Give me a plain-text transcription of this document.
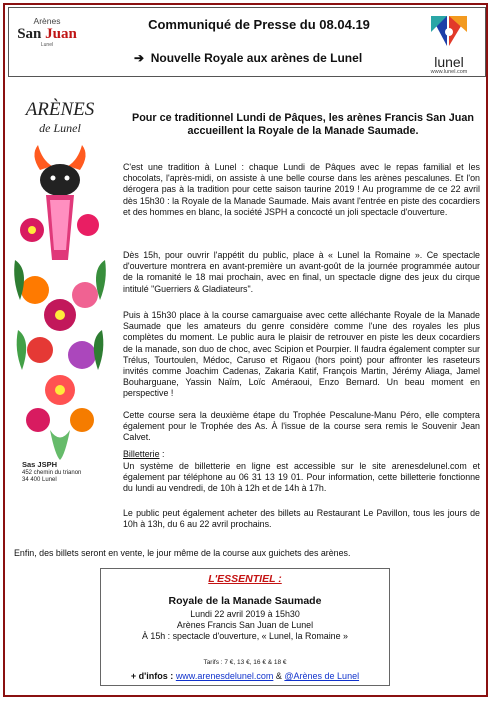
Arènes
San Juan
Lunel
Communiqué de Presse du 08.04.19
➔ Nouvelle Royale aux arènes de Lunel	lunel
www.lunel.com
ARÈNES
de Lunel
Sas JSPH
452 chemin du trianon
34 400 Lunel
Pour ce traditionnel Lundi de Pâques, les arènes Francis San Juan accueillent la Royale de la Manade Saumade.

C'est une tradition à Lunel : chaque Lundi de Pâques avec le repas familial et les chocolats, l'après-midi, on assiste à une belle course dans les arènes pescalunes. Et l'on dérogera pas à la tradition pour cette saison taurine 2019 ! Au programme de ce 22 avril dès 15h30 : la Royale de la Manade Saumade. Mais avant l'entrée en piste des cocardiers et des hommes en blanc, la société JSPH a concocté un joli spectacle d'ouverture.

Dès 15h, pour ouvrir l'appétit du public, place à « Lunel la Romaine ». Ce spectacle d'ouverture montrera en avant-première un avant-goût de la journée programmée autour de la romanité le 18 mai prochain, avec en final, un spectacle digne des jeux du cirque intitulé "Guerriers & Gladiateurs".

Puis à 15h30 place à la course camarguaise avec cette alléchante Royale de la Manade Saumade que les amateurs du genre considère comme l'une des royales les plus complètes du moment. Le public aura le plaisir de retrouver en piste les deux cocardiers de la manade, son duo de choc, avec Scipion et Pourpier. Il faudra également compter sur Trélus, Tourtoulen, Médoc, Caruso et Rigaou (hors point) pour affronter les raseteurs invités comme Joachim Cadenas, Zakaria Katif, François Martin, Jérémy Aliaga, Jamel Bouharguane, Yassin Naïm, Loïc Améraoui, Enzo Bernard. Un beau moment en perspective !

Cette course sera la deuxième étape du Trophée Pescalune-Manu Péro, elle comptera également pour le Trophée des As. À l'issue de la course sera remis le Souvenir Jean Calvet.

Billetterie :

Un système de billetterie en ligne est accessible sur le site arenesdelunel.com et également par téléphone au 06 31 13 19 01. Pour information, cette billetterie fonctionne du lundi au vendredi, de 10h à 12h et de 14h à 17h.

Le public peut également acheter des billets au Restaurant Le Pavillon, tous les jours de 10h à 13h, du 6 au 22 avril prochains.

Enfin, des billets seront en vente, le jour même de la course aux guichets des arènes.

L'ESSENTIEL :
Royale de la Manade Saumade
Lundi 22 avril 2019 à 15h30
Arènes Francis San Juan de Lunel
À 15h : spectacle d'ouverture, « Lunel, la Romaine »
Tarifs : 7 €, 13 €, 16 € & 18 €
+ d'infos : www.arenesdelunel.com & @Arènes de Lunel
